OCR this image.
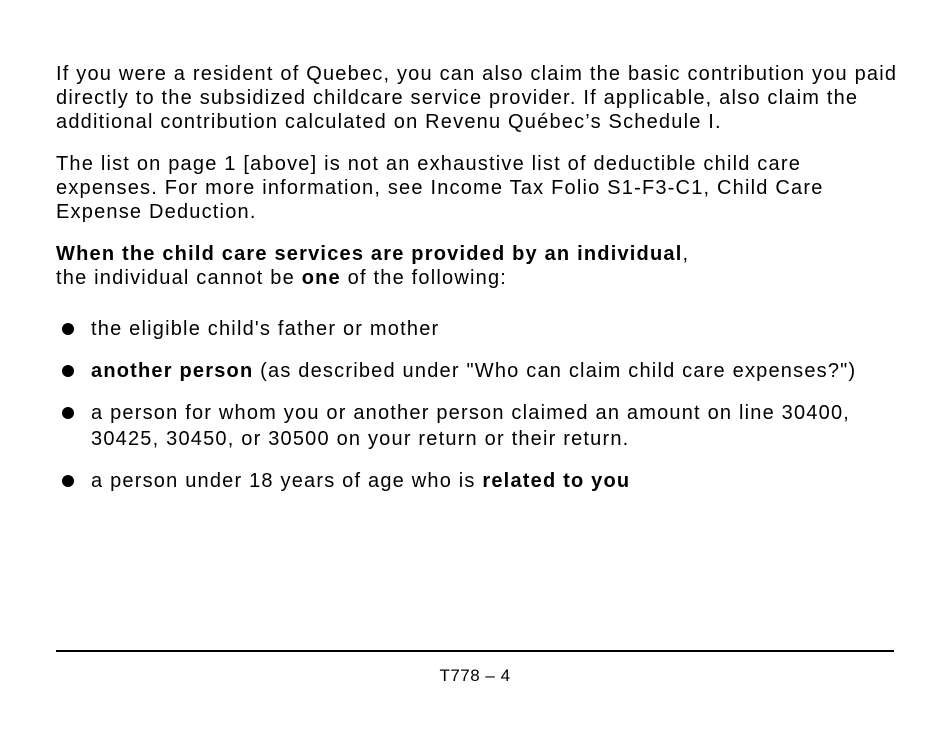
If you were a resident of Quebec, you can also claim the basic contribution you paid directly to the subsidized childcare service provider. If applicable, also claim the additional contribution calculated on Revenu Québec’s Schedule I.

The list on page 1 [above] is not an exhaustive list of deductible child care expenses. For more information, see Income Tax Folio S1-F3-C1, Child Care Expense Deduction.

When the child care services are provided by an individual,
the individual cannot be one of the following:

the eligible child's father or mother
another person (as described under "Who can claim child care expenses?")
a person for whom you or another person claimed an amount on line 30400, 30425, 30450, or 30500 on your return or their return.
a person under 18 years of age who is related to you
T778 – 4
